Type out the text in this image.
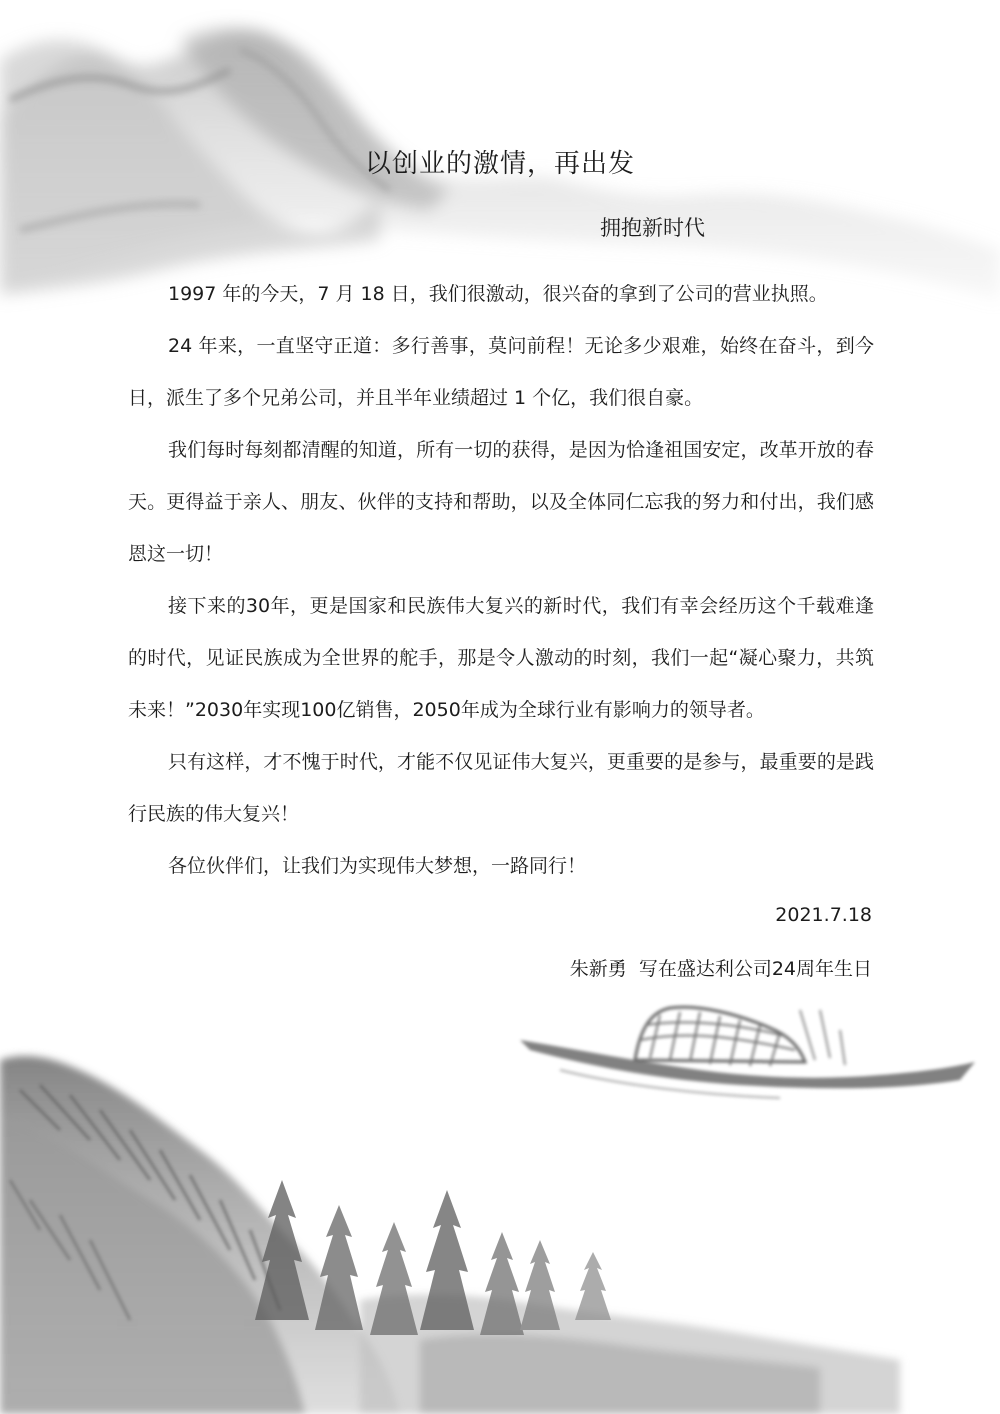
以创业的激情，再出发
拥抱新时代

1997 年的今天，7 月 18 日，我们很激动，很兴奋的拿到了公司的营业执照。

24 年来，一直坚守正道：多行善事，莫问前程！无论多少艰难，始终在奋斗，到今日，派生了多个兄弟公司，并且半年业绩超过 1 个亿，我们很自豪。

我们每时每刻都清醒的知道，所有一切的获得，是因为恰逢祖国安定，改革开放的春天。更得益于亲人、朋友、伙伴的支持和帮助，以及全体同仁忘我的努力和付出，我们感恩这一切！

接下来的30年，更是国家和民族伟大复兴的新时代，我们有幸会经历这个千载难逢的时代，见证民族成为全世界的舵手，那是令人激动的时刻，我们一起“凝心聚力，共筑未来！”2030年实现100亿销售，2050年成为全球行业有影响力的领导者。

只有这样，才不愧于时代，才能不仅见证伟大复兴，更重要的是参与，最重要的是践行民族的伟大复兴！

各位伙伴们，让我们为实现伟大梦想，一路同行！

2021.7.18
朱新勇 写在盛达利公司24周年生日
